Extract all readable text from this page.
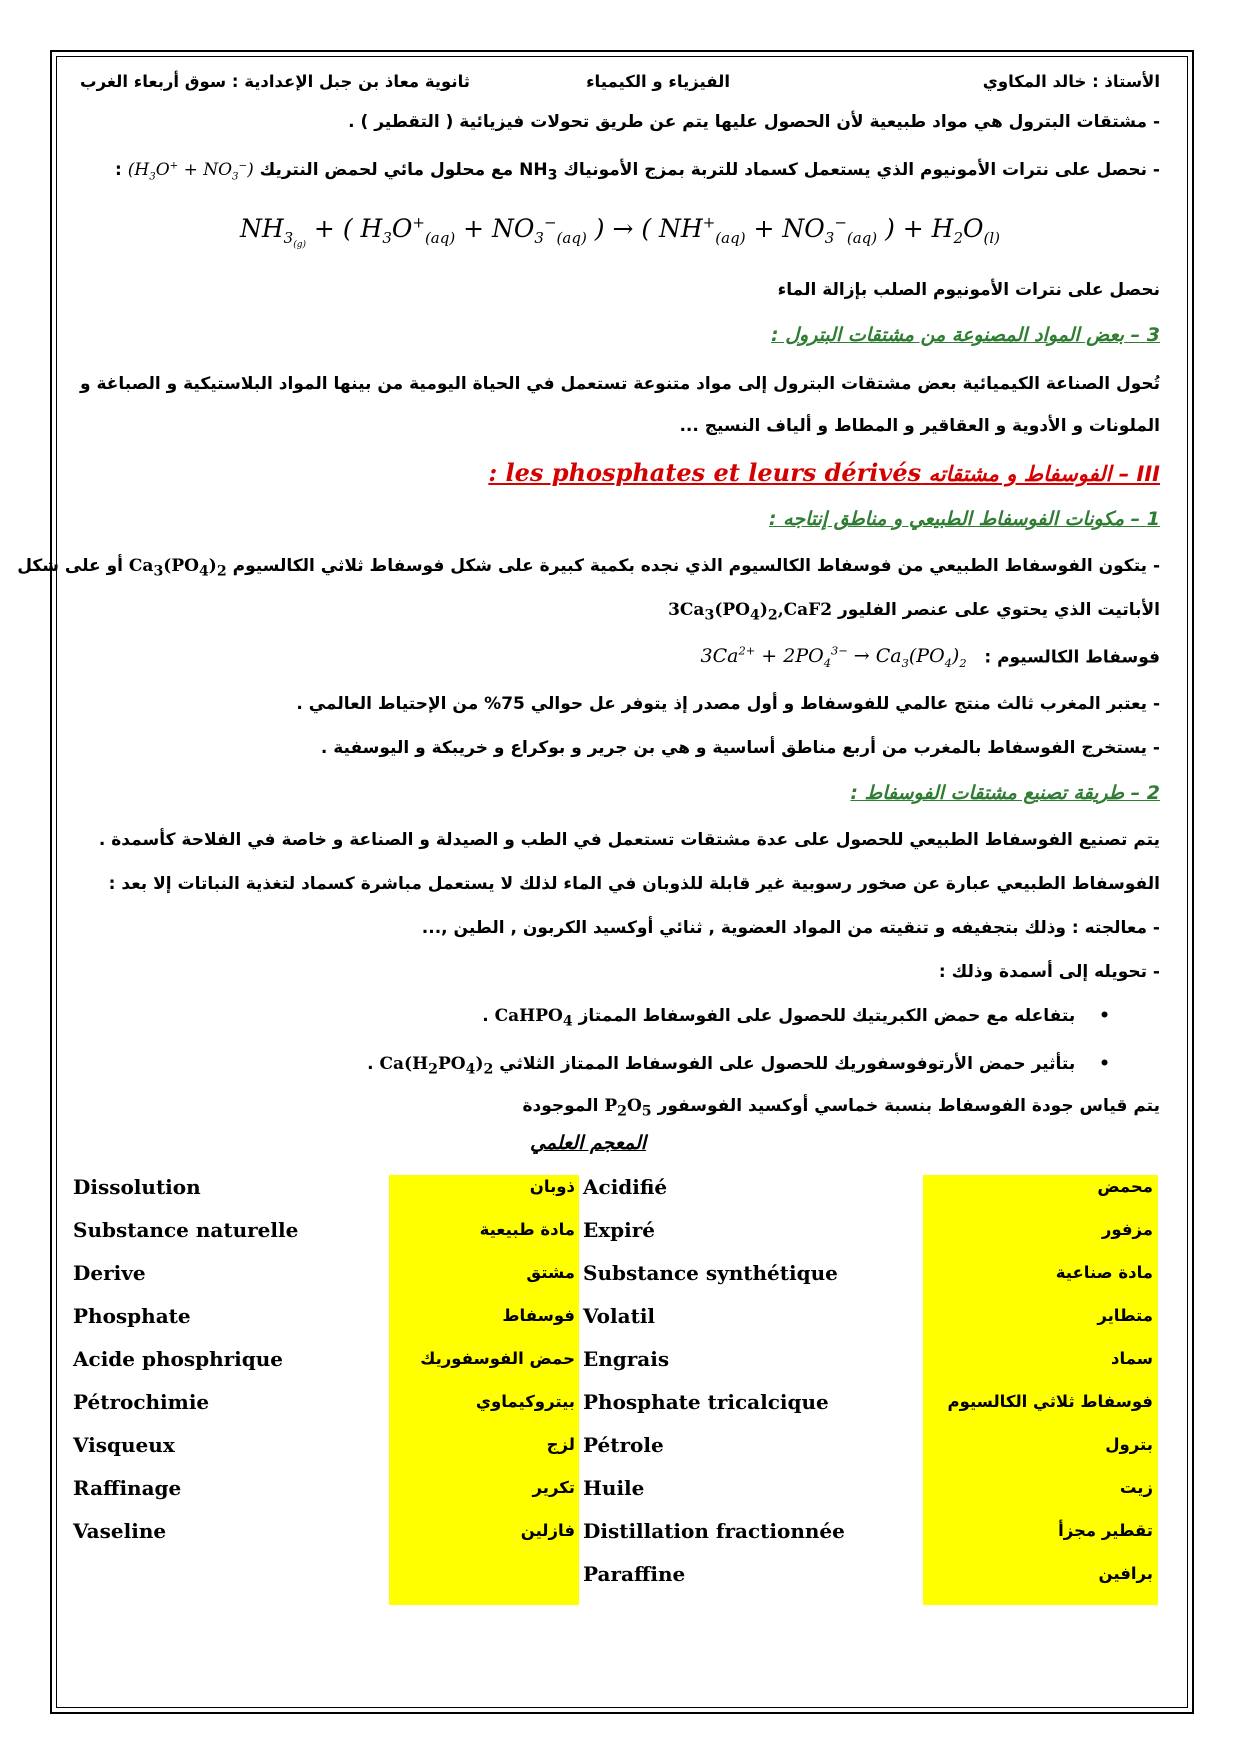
الأستاذ : خالد المكاوي
الفيزياء و الكيمياء
ثانوية معاذ بن جبل الإعدادية : سوق أربعاء الغرب
- مشتقات البترول هي مواد طبيعية لأن الحصول عليها يتم عن طريق تحولات فيزيائية ( التقطير ) .
- نحصل على نترات الأمونيوم الذي يستعمل كسماد للتربة بمزج الأمونياك $NH_3$ مع محلول مائي لحمض النتريك $(H_3O^+ + NO_3^-)$ :
$NH_{3_{(g)}}$ + ( $H_3O^+_{(aq)} + NO_3^-_{(aq)}$ ) → ( $NH^+_{(aq)} + NO_3^-_{(aq)}$ ) + $H_2O_{(l)}$
نحصل على نترات الأمونيوم الصلب بإزالة الماء
3 – بعض المواد المصنوعة من مشتقات البترول :
تُحول الصناعة الكيميائية بعض مشتقات البترول إلى مواد متنوعة تستعمل في الحياة اليومية من بينها المواد البلاستيكية و الصباغة و
الملونات و الأدوية و العقاقير و المطاط و ألياف النسيج ...
III – الفوسفاط و مشتقاته : les phosphates et leurs dérivés
1 – مكونات الفوسفاط الطبيعي و مناطق إنتاجه :
- يتكون الفوسفاط الطبيعي من فوسفاط الكالسيوم الذي نجده بكمية كبيرة على شكل فوسفاط ثلاثي الكالسيوم $Ca_3(PO_4)_2$ أو على شكل
الأباتيت الذي يحتوي على عنصر الفليور $3Ca_3(PO_4)_2,CaF2$
فوسفاط الكالسيوم :   $3Ca^{2+} + 2PO_4^{3-} \to Ca_3(PO_4)_2$
- يعتبر المغرب ثالث منتج عالمي للفوسفاط و أول مصدر إذ يتوفر عل حوالي 75% من الإحتياط العالمي .
- يستخرج الفوسفاط بالمغرب من أربع مناطق أساسية و هي بن جرير و بوكراع و خريبكة و اليوسفية .
2 – طريقة تصنيع مشتقات الفوسفاط :
يتم تصنيع الفوسفاط الطبيعي للحصول على عدة مشتقات تستعمل في الطب و الصيدلة و الصناعة و خاصة في الفلاحة كأسمدة .
الفوسفاط الطبيعي عبارة عن صخور رسوبية غير قابلة للذوبان في الماء لذلك لا يستعمل مباشرة كسماد لتغذية النباتات إلا بعد :
- معالجته : وذلك بتجفيفه و تنقيته من المواد العضوية , ثنائي أوكسيد الكربون , الطين ,...
- تحويله إلى أسمدة وذلك :
• بتفاعله مع حمض الكبريتيك للحصول على الفوسفاط الممتاز CaHPO$_4$ .
• بتأثير حمض الأرتوفوسفوريك للحصول على الفوسفاط الممتاز الثلاثي $Ca(H_2PO_4)_2$ .
يتم قياس جودة الفوسفاط بنسبة خماسي أوكسيد الفوسفور $P_2O_5$ الموجودة
المعجم العلمي
Dissolution	ذوبان Acidifié	محمض
Substance naturelle	مادة طبيعية Expiré	مزفور
Derive	مشتق Substance synthétique	مادة صناعية
Phosphate	فوسفاط Volatil	متطاير
Acide phosphrique	حمض الفوسفوريك Engrais	سماد
Pétrochimie	بيتروكيماوي Phosphate tricalcique	فوسفاط ثلاثي الكالسيوم
Visqueux	لزج Pétrole	بترول
Raffinage	تكرير Huile	زيت
Vaseline	فازلين Distillation fractionnée	تقطير مجزأ
Paraffine	برافين
